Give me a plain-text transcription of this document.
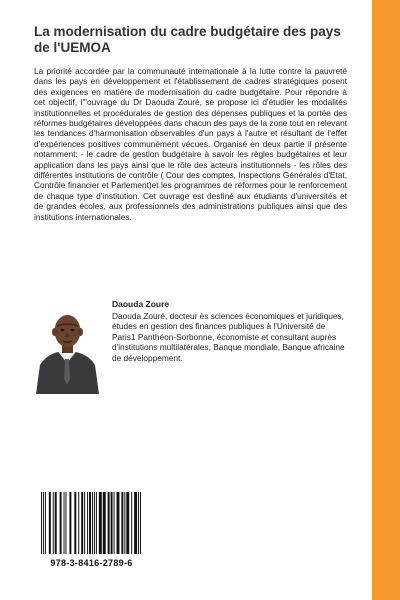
La modernisation du cadre budgétaire des pays de l'UEMOA

La priorité accordée par la communauté internationale à la lutte contre la pauvreté dans les pays en développement et l'établissement de cadres stratégiques posent des exigences en matière de modernisation du cadre budgétaire. Pour répondre à cet objectif, l'"ouvrage du Dr Daouda Zouré, se propose ici d'étudier les modalités institutionnelles et procédurales de gestion des dépenses publiques et la portée des réformes budgétaires développées dans chacun des pays de la zone tout en relevant les tendances d'harmonisation observables d'un pays à l'autre et résultant de l'effet d'expériences positives communément vécues. Organisé en deux partie il présente notamment: - le cadre de gestion budgétaire à savoir les règles budgétaires et leur application dans les pays ainsi que le rôle des acteurs institutionnels - les rôles des différentes institutions de contrôle ( Cour des comptes, Inspections Générales d'Etat, Contrôle financier et Parlement)et les programmes de réformes pour le renforcement de chaque type d'institution. Cet ouvrage est destiné aux étudiants d'universités et de grandes écoles, aux professionnels des administrations publiques ainsi que des institutions internationales.

Daouda Zoure

Daouda Zouré, docteur ès sciences économiques et juridiques, études en gestion des finances publiques à l'Université de Paris1 Panthéon-Sorbonne, économiste et consultant auprès d'institutions multilatérales, Banque mondiale, Banque africaine de développement.

978-3-8416-2789-6
